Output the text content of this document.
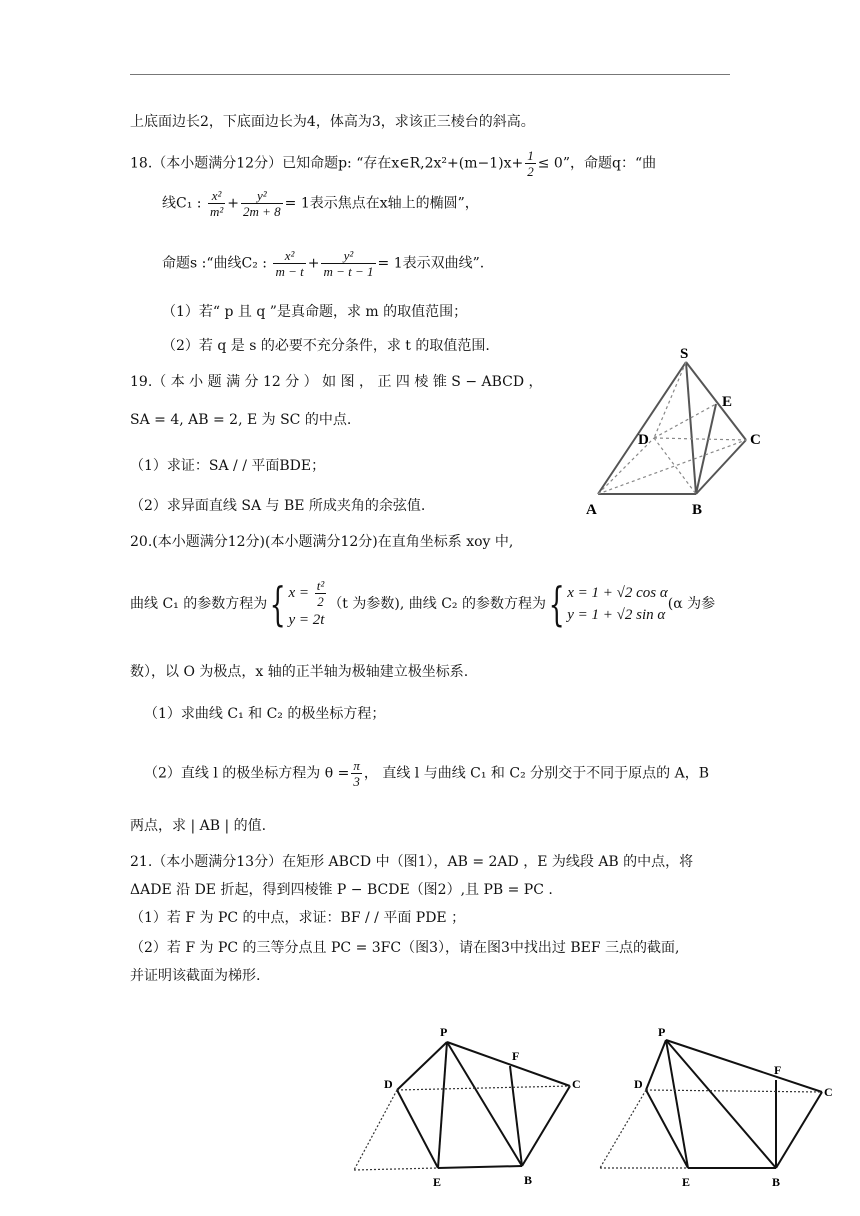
上底面边长2，下底面边长为4，体高为3，求该正三棱台的斜高。
18.（本小题满分12分）已知命题p: “存在x∈R,2x²+(m−1)x+ $\frac{1}{2} \le 0$”，命题q：“曲
线C₁ : $\frac{\text{x²}}{\text{m²}} + \frac{\text{y²}}{2m + 8} = 1$表示焦点在x轴上的椭圆”，
命题s :“曲线C₂ : $\frac{\text{x²}}{m - t} + \frac{\text{y²}}{m - t - 1} = 1$表示双曲线”.
（1）若“ p 且 q ”是真命题，求 m 的取值范围；
（2）若 q 是 s 的必要不充分条件，求 t 的取值范围.
19.（ 本 小 题 满 分 12 分 ） 如 图 ， 正 四 棱 锥 S − ABCD ，
SA = 4, AB = 2, E 为 SC 的中点.
（1）求证：SA / / 平面BDE；
（2）求异面直线 SA 与 BE 所成夹角的余弦值.
S
E
D	C
A	B
20.(本小题满分12分)(本小题满分12分)在直角坐标系 xoy 中,
曲线 C₁ 的参数方程为{ $x = \frac{\text{t²}}{2}$
y = 2t
（t 为参数), 曲线 C₂ 的参数方程为{ x = 1 + √2 cos α
y = 1 + √2 sin α
(α 为参
数），以 O 为极点，x 轴的正半轴为极轴建立极坐标系.
（1）求曲线 C₁ 和 C₂ 的极坐标方程；
（2）直线 l 的极坐标方程为 $\theta = \frac{\pi}{3}$ ， 直线 l 与曲线 C₁ 和 C₂ 分别交于不同于原点的 A，B
两点，求 | AB | 的值.
21.（本小题满分13分）在矩形 ABCD 中（图1），AB = 2AD ，E 为线段 AB 的中点，将
ΔADE 沿 DE 折起，得到四棱锥 P − BCDE（图2）,且 PB = PC .
（1）若 F 为 PC 的中点，求证：BF / / 平面 PDE ；
（2）若 F 为 PC 的三等分点且 PC = 3FC（图3），请在图3中找出过 BEF 三点的截面,
并证明该截面为梯形.
P
F
D	C
E	B
P
F
D
C
E	B
